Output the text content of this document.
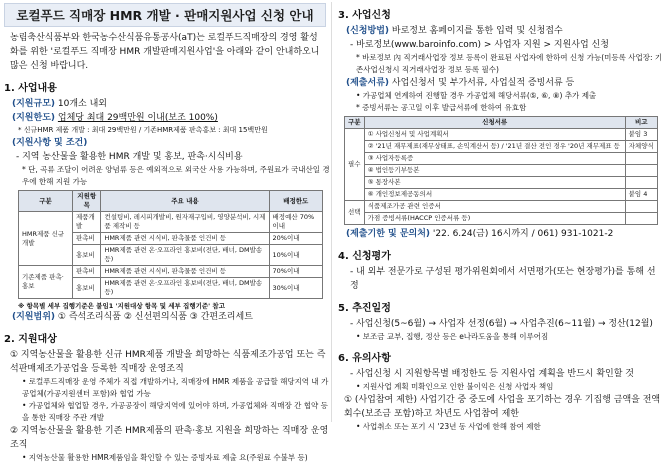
로컬푸드 직매장 HMR 개발 · 판매지원사업 신청 안내
농림축산식품부와 한국농수산식품유통공사(aT)는 로컬푸드직매장의 경영 활성화를 위한 '로컬푸드 직매장 HMR 개발판매지원사업'을 아래와 같이 안내하오니 많은 신청 바랍니다.
1. 사업내용
(지원규모) 10개소 내외
(지원한도) 업체당 최대 29백만원 이내(보조 100%)
* 신규HMR 제품 개발 : 최대 29백만원 / 기존HMR제품 판촉홍보 : 최대 15백만원
(지원사항 및 조건)
- 지역 농산물을 활용한 HMR 개발 및 홍보, 판촉·시식비용
* 단, 곡류 조달이 어려운 양념류 등은 예외적으로 외국산 사용 가능하며, 주원료가 국내산일 경우에 한해 지원 가능
구분	지원항목	주요 내용	배정한도
HMR제품 신규개발	제품개발	컨설팅비, 레시피개발비, 원자재구입비, 영양분석비, 시제품 제작비 등	배정예산 70%이내
	판촉비	HMR제품 관련 시식비, 판촉물품 인건비 등	20%이내
	홍보비	HMR제품 관련 온·오프라인 홍보비(전단, 배너, DM발송 등)	10%이내
기존제품 판촉·홍보	판촉비	HMR제품 관련 시식비, 판촉물품 인건비 등	70%이내
	홍보비	HMR제품 관련 온·오프라인 홍보비(전단, 배너, DM발송 등)	30%이내
※ 항목별 세부 집행기준은 붙임1 '지원대상 항목 및 세부 집행기준' 참고
(지원범위) ① 즉석조리식품 ② 신선편의식품 ③ 간편조리세트
2. 지원대상
① 지역농산물을 활용한 신규 HMR제품 개발을 희망하는 식품제조가공업 또는 즉석판매제조가공업을 등록한 직매장 운영조직
• 로컬푸드직매장 운영 주체가 직접 개발하거나, 직매장에 HMR 제품을 공급할 해당지역 내 가공업체(가공지원센터 포함)와 협업 가능
• 가공업체와 협업할 경우, 가공공장이 해당지역에 있어야 하며, 가공업체와 직매장 간 협약 등을 통한 직매장 주관 개발
② 지역농산물을 활용한 기존 HMR제품의 판촉·홍보 지원을 희망하는 직매장 운영조직
• 지역농산물 활용한 HMR제품임을 확인할 수 있는 증빙자료 제출 요(주원료 수불부 등)
3. 사업신청
(신청방법) 바로정보 홈페이지를 통한 입력 및 신청접수
- 바로정보(www.baroinfo.com) > 사업자 지원 > 지원사업 신청
* 바로정보 內 직거래사업장 정보 등록이 완료된 사업자에 한하여 신청 가능(미등록 사업장: 기존사업신청시 직거래사업장 정보 등록 필수)
(제출서류) 사업신청서 및 부가서류, 사업실적 증빙서류 등
• 가공업체 연계하여 진행할 경우 가공업체 해당서류(⑤, ⑥, ⑧) 추가 제출
* 증빙서류는 공고일 이후 발급서류에 한하여 유효함
구분	신청서류	비고
필수	① 사업신청서 및 사업계획서	붙임 3
	② '21년 재무제표(재무상태표, 손익계산서 등) / '21년 결산 전인 경우 '20년 재무제표 등	자체양식
	③ 사업자등록증	
	④ 법인등기부등본	
	⑤ 통장사본	
	⑥ 개인정보제공동의서	붙임 4
선택	식품제조가공 관련 인증서	
	가점 증빙서류(HACCP 인증서류 등)	
(제출기한 및 문의처) '22. 6.24(금) 16시까지 / 061) 931-1021-2
4. 신청평가
- 내 외부 전문가로 구성된 평가위원회에서 서면평가(또는 현장평가)를 통해 선정
5. 추진일정
- 사업신청(5~6월) → 사업자 선정(6월) → 사업추진(6~11월) → 정산(12월)
• 보조금 교부, 집행, 정산 등은 e나라도움을 통해 이루어짐
6. 유의사항
- 사업신청 시 지원항목별 배정한도 등 지원사업 계획을 반드시 확인할 것
• 지원사업 계획 미확인으로 인한 불이익은 신청 사업자 책임
① (사업참여 제한) 사업기간 중 중도에 사업을 포기하는 경우 기집행 금액을 전액 회수(보조금 포함)하고 차년도 사업참여 제한
• 사업취소 또는 포기 시 '23년 동 사업에 한해 참여 제한
